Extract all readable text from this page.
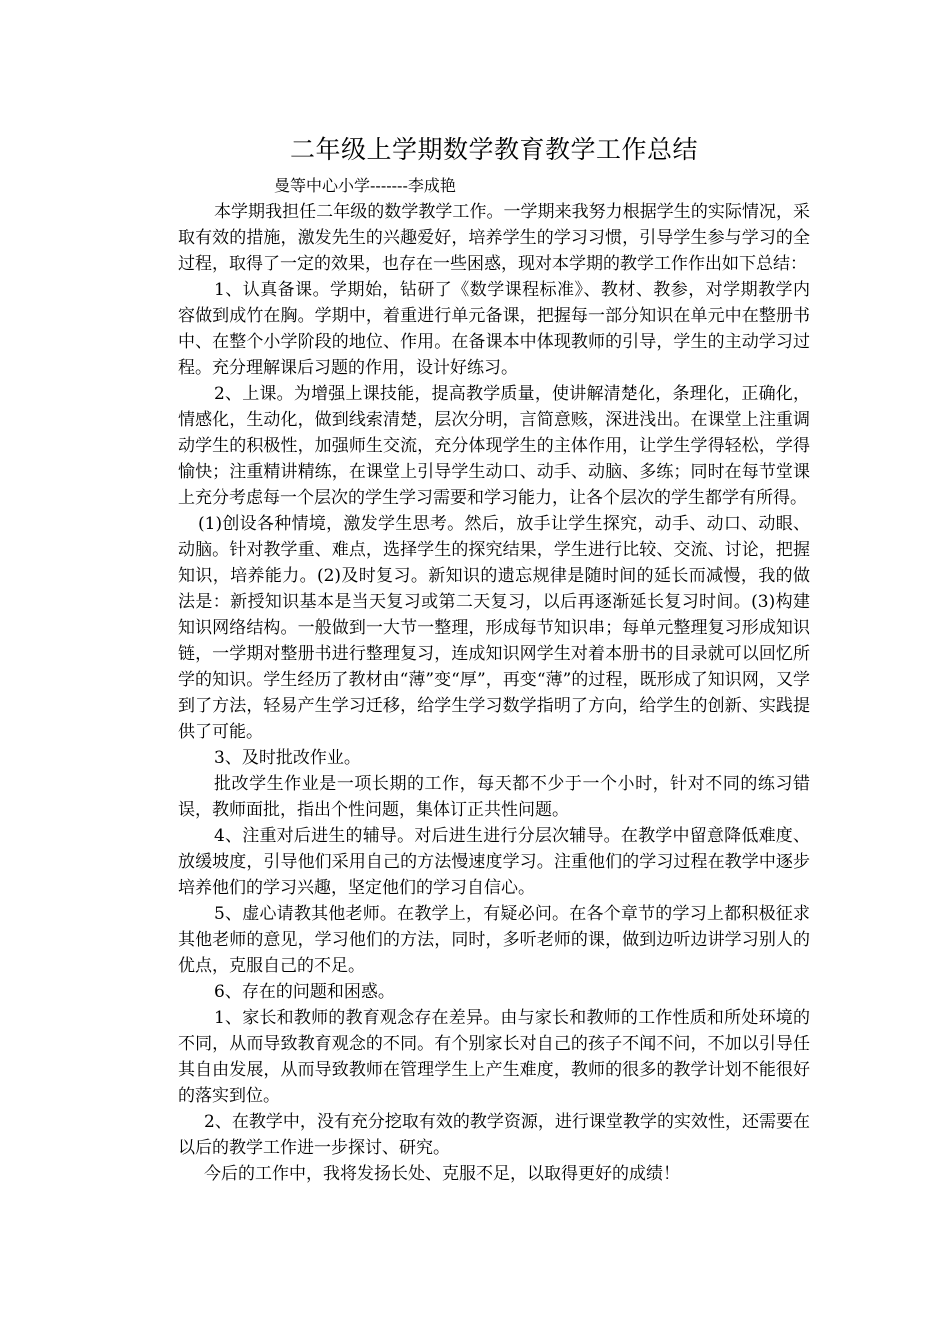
二年级上学期数学教育教学工作总结

曼等中心小学-------李成艳

本学期我担任二年级的数学教学工作。一学期来我努力根据学生的实际情况，采取有效的措施，激发先生的兴趣爱好，培养学生的学习习惯，引导学生参与学习的全过程，取得了一定的效果，也存在一些困惑，现对本学期的教学工作作出如下总结：

1、认真备课。学期始，钻研了《数学课程标准》、教材、教参，对学期教学内容做到成竹在胸。学期中，着重进行单元备课，把握每一部分知识在单元中在整册书中、在整个小学阶段的地位、作用。在备课本中体现教师的引导，学生的主动学习过程。充分理解课后习题的作用，设计好练习。

2、上课。为增强上课技能，提高教学质量，使讲解清楚化，条理化，正确化，情感化，生动化，做到线索清楚，层次分明，言简意赅，深进浅出。在课堂上注重调动学生的积极性，加强师生交流，充分体现学生的主体作用，让学生学得轻松，学得愉快；注重精讲精练，在课堂上引导学生动口、动手、动脑、多练；同时在每节堂课上充分考虑每一个层次的学生学习需要和学习能力，让各个层次的学生都学有所得。

(1)创设各种情境，激发学生思考。然后，放手让学生探究，动手、动口、动眼、动脑。针对教学重、难点，选择学生的探究结果，学生进行比较、交流、讨论，把握知识，培养能力。(2)及时复习。新知识的遗忘规律是随时间的延长而减慢，我的做法是：新授知识基本是当天复习或第二天复习，以后再逐渐延长复习时间。(3)构建知识网络结构。一般做到一大节一整理，形成每节知识串；每单元整理复习形成知识链，一学期对整册书进行整理复习，连成知识网学生对着本册书的目录就可以回忆所学的知识。学生经历了教材由“薄”变“厚”，再变“薄”的过程，既形成了知识网，又学到了方法，轻易产生学习迁移，给学生学习数学指明了方向，给学生的创新、实践提供了可能。

3、及时批改作业。

批改学生作业是一项长期的工作，每天都不少于一个小时，针对不同的练习错误，教师面批，指出个性问题，集体订正共性问题。

4、注重对后进生的辅导。对后进生进行分层次辅导。在教学中留意降低难度、放缓坡度，引导他们采用自己的方法慢速度学习。注重他们的学习过程在教学中逐步培养他们的学习兴趣，坚定他们的学习自信心。

5、虚心请教其他老师。在教学上，有疑必问。在各个章节的学习上都积极征求其他老师的意见，学习他们的方法，同时，多听老师的课，做到边听边讲学习别人的优点，克服自己的不足。

6、存在的问题和困惑。

1、家长和教师的教育观念存在差异。由与家长和教师的工作性质和所处环境的不同，从而导致教育观念的不同。有个别家长对自己的孩子不闻不问，不加以引导任其自由发展，从而导致教师在管理学生上产生难度，教师的很多的教学计划不能很好的落实到位。

2、在教学中，没有充分挖取有效的教学资源，进行课堂教学的实效性，还需要在以后的教学工作进一步探讨、研究。

今后的工作中，我将发扬长处、克服不足，以取得更好的成绩！
